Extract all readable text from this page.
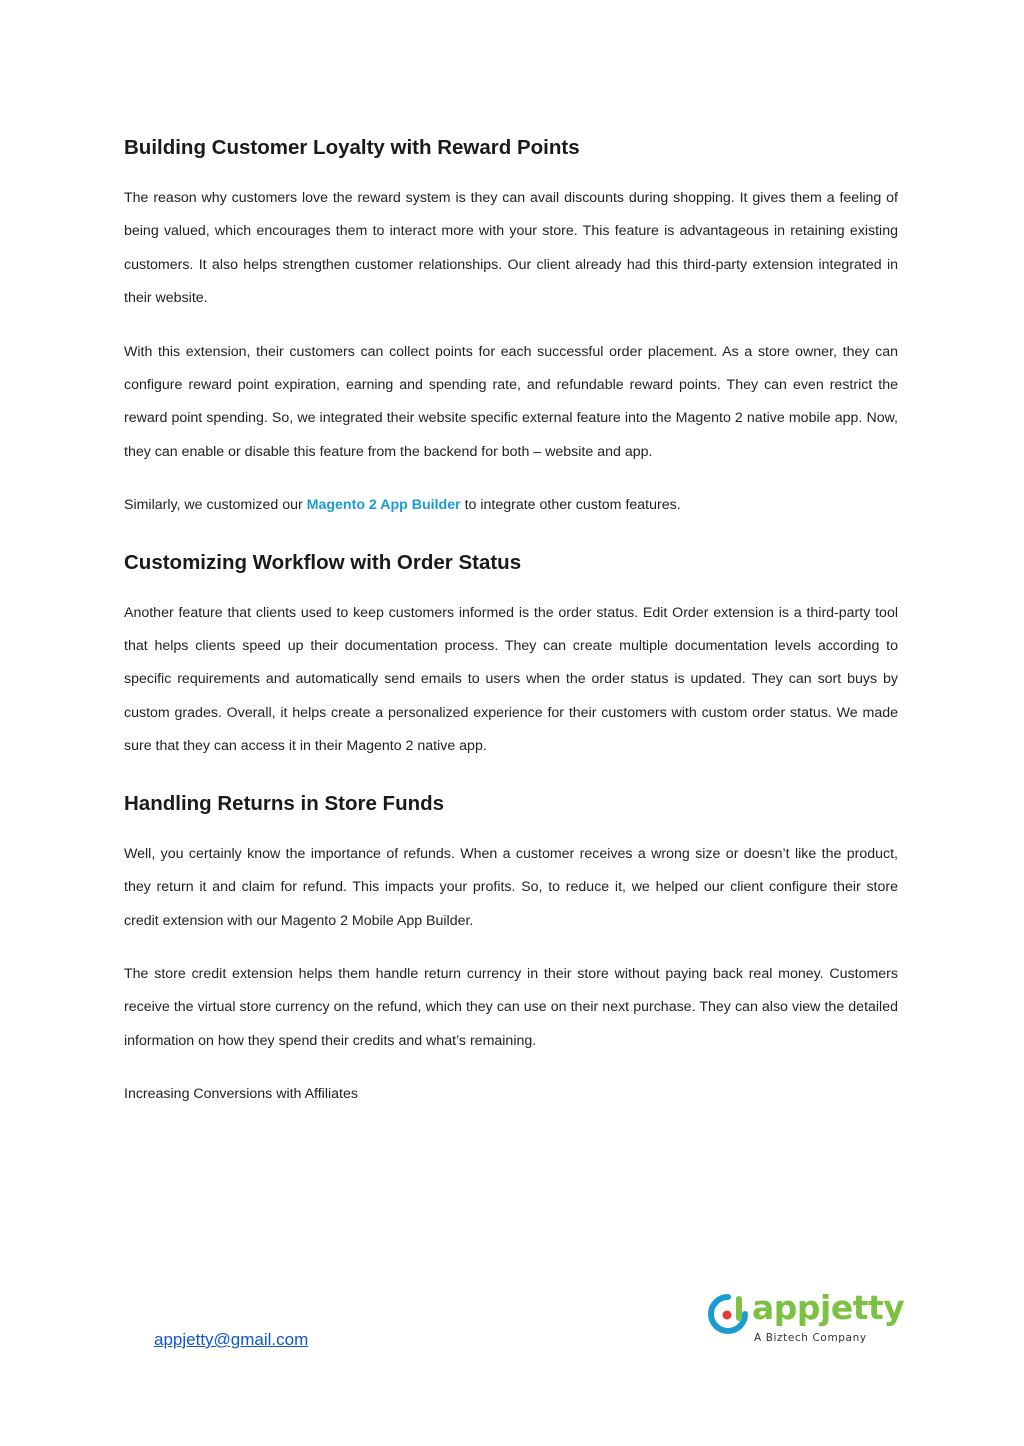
Building Customer Loyalty with Reward Points

The reason why customers love the reward system is they can avail discounts during shopping. It gives them a feeling of being valued, which encourages them to interact more with your store. This feature is advantageous in retaining existing customers. It also helps strengthen customer relationships. Our client already had this third-party extension integrated in their website.

With this extension, their customers can collect points for each successful order placement. As a store owner, they can configure reward point expiration, earning and spending rate, and refundable reward points. They can even restrict the reward point spending. So, we integrated their website specific external feature into the Magento 2 native mobile app. Now, they can enable or disable this feature from the backend for both – website and app.

Similarly, we customized our Magento 2 App Builder to integrate other custom features.

Customizing Workflow with Order Status

Another feature that clients used to keep customers informed is the order status. Edit Order extension is a third-party tool that helps clients speed up their documentation process. They can create multiple documentation levels according to specific requirements and automatically send emails to users when the order status is updated. They can sort buys by custom grades. Overall, it helps create a personalized experience for their customers with custom order status. We made sure that they can access it in their Magento 2 native app.

Handling Returns in Store Funds

Well, you certainly know the importance of refunds. When a customer receives a wrong size or doesn’t like the product, they return it and claim for refund. This impacts your profits. So, to reduce it, we helped our client configure their store credit extension with our Magento 2 Mobile App Builder.

The store credit extension helps them handle return currency in their store without paying back real money. Customers receive the virtual store currency on the refund, which they can use on their next purchase. They can also view the detailed information on how they spend their credits and what’s remaining.

Increasing Conversions with Affiliates
appjetty@gmail.com
appjetty
A Biztech Company
